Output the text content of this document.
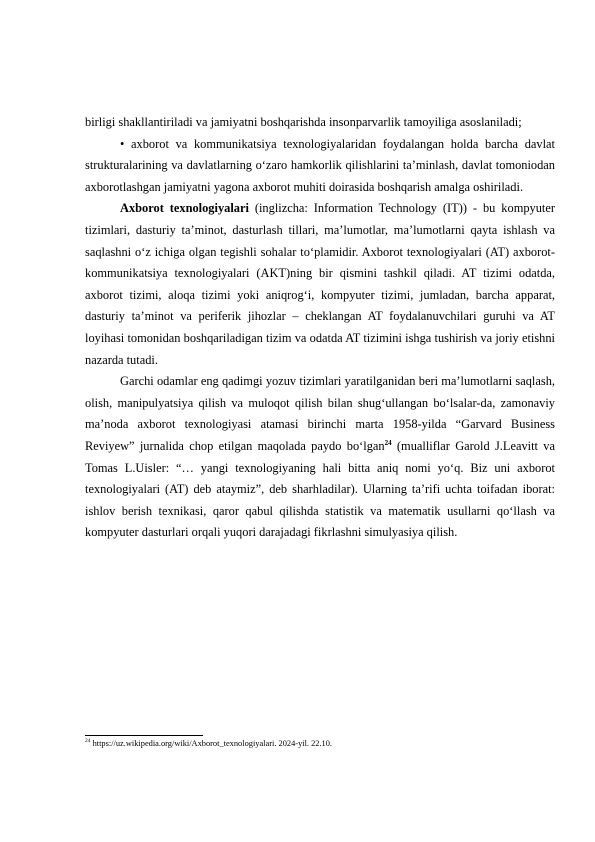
birligi shakllantiriladi va jamiyatni boshqarishda insonparvarlik tamoyiliga asoslaniladi;

• axborot va kommunikatsiya texnologiyalaridan foydalangan holda barcha davlat strukturalarining va davlatlarning o‘zaro hamkorlik qilishlarini ta’minlash, davlat tomoniodan axborotlashgan jamiyatni yagona axborot muhiti doirasida boshqarish amalga oshiriladi.

Axborot texnologiyalari (inglizcha: Information Technology (IT)) - bu kompyuter tizimlari, dasturiy ta’minot, dasturlash tillari, ma’lumotlar, ma’lumotlarni qayta ishlash va saqlashni o‘z ichiga olgan tegishli sohalar to‘plamidir. Axborot texnologiyalari (AT) axborot-kommunikatsiya texnologiyalari (AKT)ning bir qismini tashkil qiladi. AT tizimi odatda, axborot tizimi, aloqa tizimi yoki aniqrog‘i, kompyuter tizimi, jumladan, barcha apparat, dasturiy ta’minot va periferik jihozlar – cheklangan AT foydalanuvchilari guruhi va AT loyihasi tomonidan boshqariladigan tizim va odatda AT tizimini ishga tushirish va joriy etishni nazarda tutadi.

Garchi odamlar eng qadimgi yozuv tizimlari yaratilganidan beri ma’lumotlarni saqlash, olish, manipulyatsiya qilish va muloqot qilish bilan shug‘ullangan bo‘lsalar-da, zamonaviy ma’noda axborot texnologiyasi atamasi birinchi marta 1958-yilda “Garvard Business Reviyew” jurnalida chop etilgan maqolada paydo bo‘lgan$^{24}$ (mualliflar Garold J.Leavitt va Tomas L.Uisler: “… yangi texnologiyaning hali bitta aniq nomi yo‘q. Biz uni axborot texnologiyalari (AT) deb ataymiz”, deb sharhladilar). Ularning ta’rifi uchta toifadan iborat: ishlov berish texnikasi, qaror qabul qilishda statistik va matematik usullarni qo‘llash va kompyuter dasturlari orqali yuqori darajadagi fikrlashni simulyasiya qilish.

$^{24}$ https://uz.wikipedia.org/wiki/Axborot_texnologiyalari. 2024-yil. 22.10.
